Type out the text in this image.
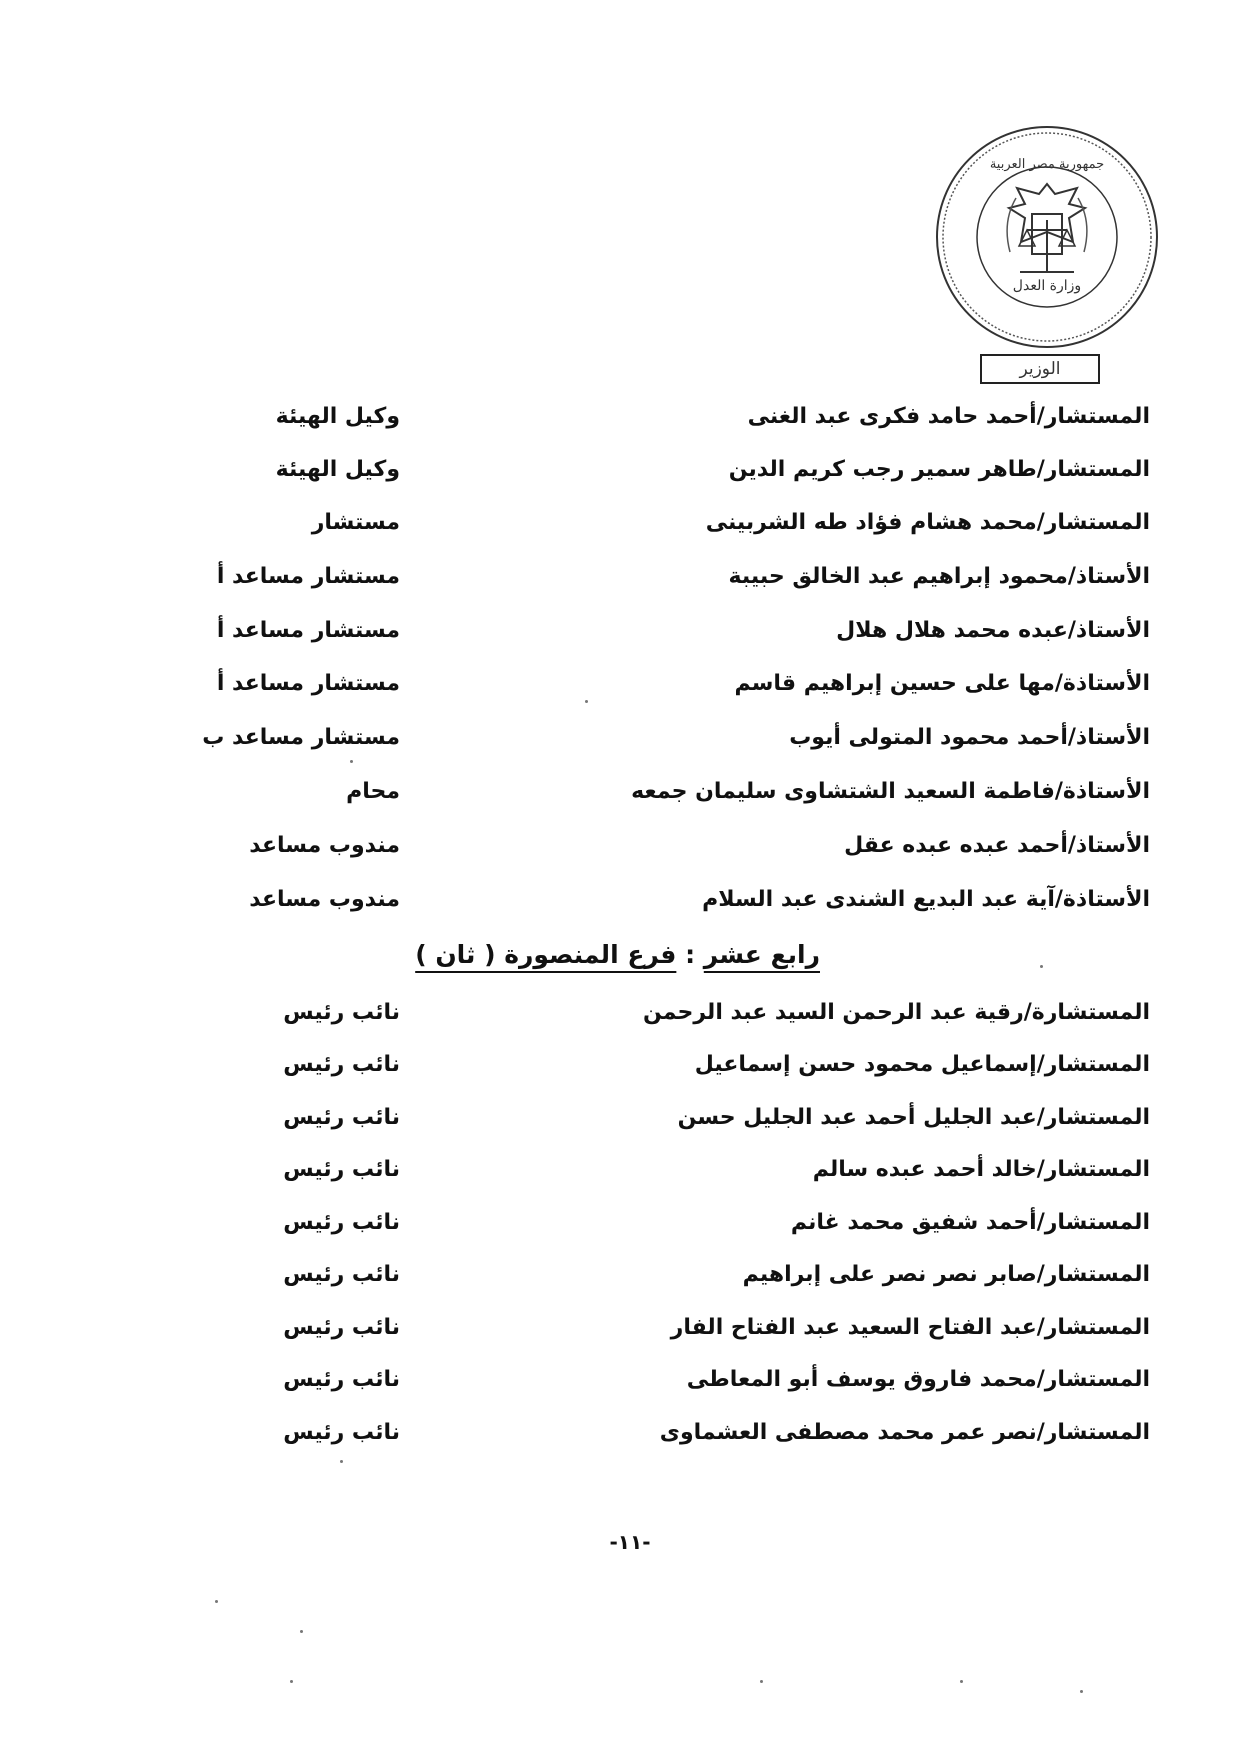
وزارة العدل
جمهورية مصر العربية
الوزير
المستشار/أحمد حامد فكرى عبد الغنى
وكيل الهيئة
المستشار/طاهر سمير رجب كريم الدين
وكيل الهيئة
المستشار/محمد هشام فؤاد طه الشربينى
مستشار
الأستاذ/محمود إبراهيم عبد الخالق حبيبة
مستشار مساعد أ
الأستاذ/عبده محمد هلال هلال
مستشار مساعد أ
الأستاذة/مها على حسين إبراهيم قاسم
مستشار مساعد أ
الأستاذ/أحمد محمود المتولى أيوب
مستشار مساعد ب
الأستاذة/فاطمة السعيد الشتشاوى سليمان جمعه
محام
الأستاذ/أحمد عبده عبده عقل
مندوب مساعد
الأستاذة/آية عبد البديع الشندى عبد السلام
مندوب مساعد
رابع عشر : فرع المنصورة ( ثان )
المستشارة/رقية عبد الرحمن السيد عبد الرحمن
نائب رئيس
المستشار/إسماعيل محمود حسن إسماعيل
نائب رئيس
المستشار/عبد الجليل أحمد عبد الجليل حسن
نائب رئيس
المستشار/خالد أحمد عبده سالم
نائب رئيس
المستشار/أحمد شفيق محمد غانم
نائب رئيس
المستشار/صابر نصر نصر على إبراهيم
نائب رئيس
المستشار/عبد الفتاح السعيد عبد الفتاح الفار
نائب رئيس
المستشار/محمد فاروق يوسف أبو المعاطى
نائب رئيس
المستشار/نصر عمر محمد مصطفى العشماوى
نائب رئيس
-١١-
